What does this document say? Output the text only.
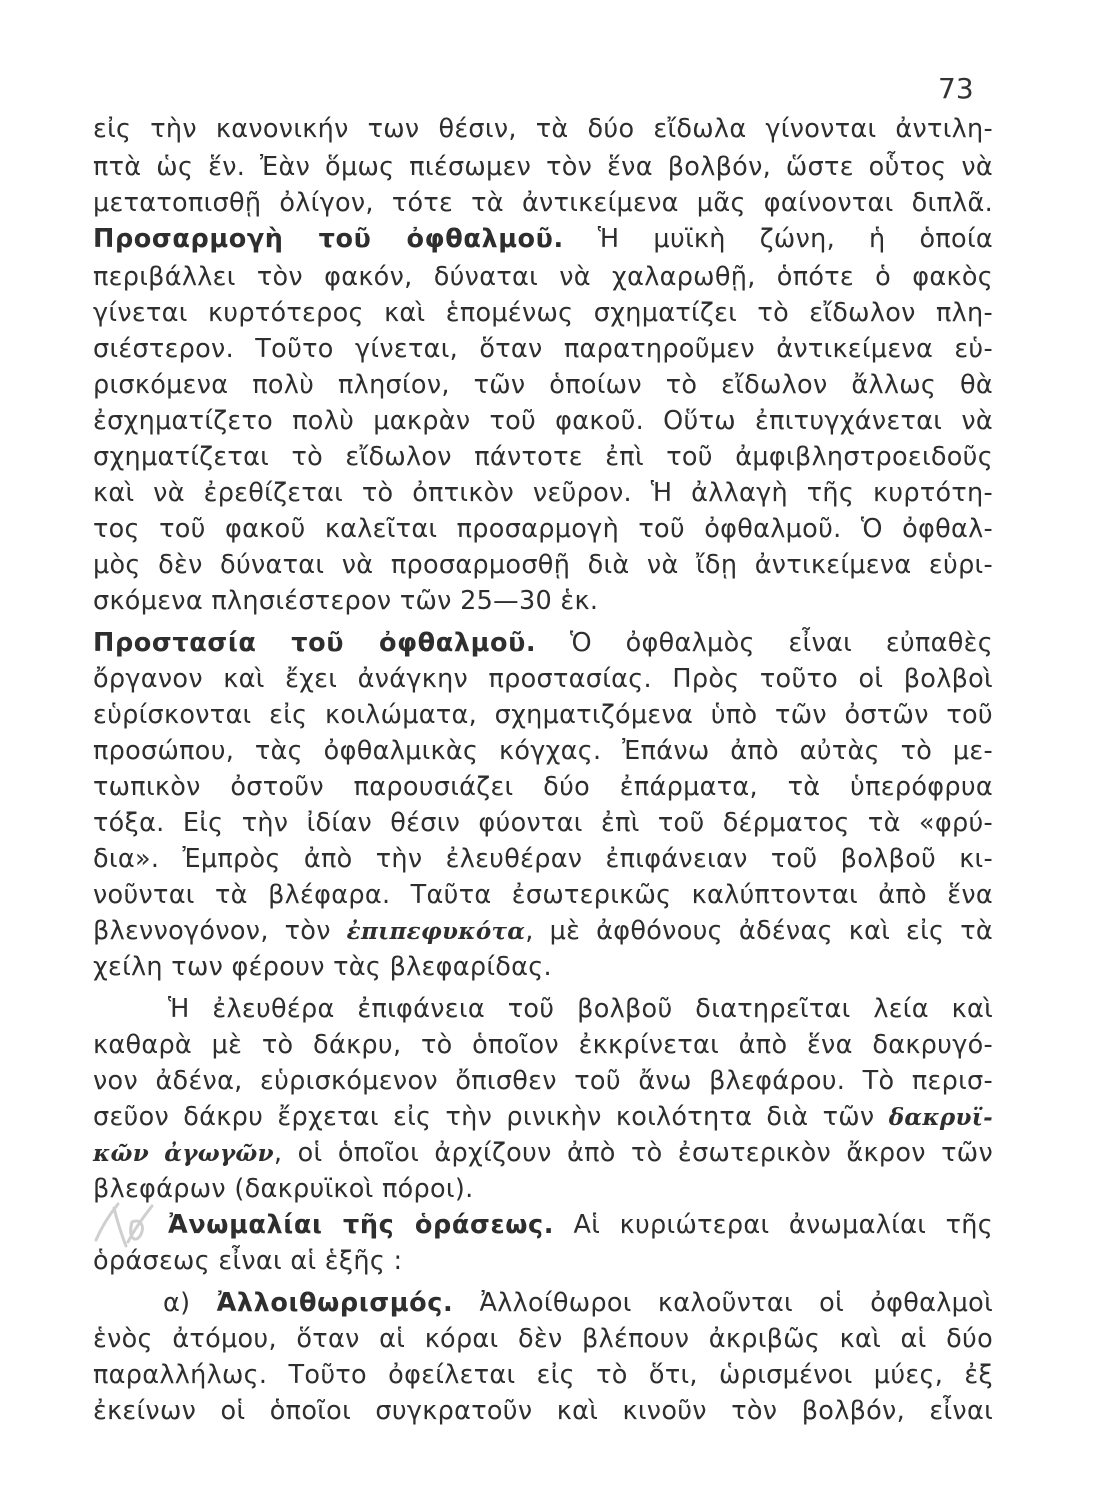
73
εἰς τὴν κανονικήν των θέσιν, τὰ δύο εἴδωλα γίνονται ἀντιλη-
πτὰ ὡς ἕν. Ἐὰν ὅμως πιέσωμεν τὸν ἕνα βολβόν, ὥστε οὗτος νὰ
μετατοπισθῇ ὀλίγον, τότε τὰ ἀντικείμενα μᾶς φαίνονται διπλᾶ.
Προσαρμογὴ τοῦ ὀφθαλμοῦ. Ἡ μυϊκὴ ζώνη, ἡ ὁποία
περιβάλλει τὸν φακόν, δύναται νὰ χαλαρωθῇ, ὁπότε ὁ φακὸς
γίνεται κυρτότερος καὶ ἑπομένως σχηματίζει τὸ εἴδωλον πλη-
σιέστερον. Τοῦτο γίνεται, ὅταν παρατηροῦμεν ἀντικείμενα εὑ-
ρισκόμενα πολὺ πλησίον, τῶν ὁποίων τὸ εἴδωλον ἄλλως θὰ
ἐσχηματίζετο πολὺ μακρὰν τοῦ φακοῦ. Οὕτω ἐπιτυγχάνεται νὰ
σχηματίζεται τὸ εἴδωλον πάντοτε ἐπὶ τοῦ ἀμφιβληστροειδοῦς
καὶ νὰ ἐρεθίζεται τὸ ὀπτικὸν νεῦρον. Ἡ ἀλλαγὴ τῆς κυρτότη-
τος τοῦ φακοῦ καλεῖται προσαρμογὴ τοῦ ὀφθαλμοῦ. Ὁ ὀφθαλ-
μὸς δὲν δύναται νὰ προσαρμοσθῇ διὰ νὰ ἴδῃ ἀντικείμενα εὑρι-
σκόμενα πλησιέστερον τῶν 25—30 ἑκ.
Προστασία τοῦ ὀφθαλμοῦ. Ὁ ὀφθαλμὸς εἶναι εὐπαθὲς
ὄργανον καὶ ἔχει ἀνάγκην προστασίας. Πρὸς τοῦτο οἱ βολβοὶ
εὑρίσκονται εἰς κοιλώματα, σχηματιζόμενα ὑπὸ τῶν ὀστῶν τοῦ
προσώπου, τὰς ὀφθαλμικὰς κόγχας. Ἐπάνω ἀπὸ αὐτὰς τὸ με-
τωπικὸν ὀστοῦν παρουσιάζει δύο ἐπάρματα, τὰ ὑπερόφρυα
τόξα. Εἰς τὴν ἰδίαν θέσιν φύονται ἐπὶ τοῦ δέρματος τὰ «φρύ-
δια». Ἐμπρὸς ἀπὸ τὴν ἐλευθέραν ἐπιφάνειαν τοῦ βολβοῦ κι-
νοῦνται τὰ βλέφαρα. Ταῦτα ἐσωτερικῶς καλύπτονται ἀπὸ ἕνα
βλεννογόνον, τὸν ἐπιπεφυκότα, μὲ ἀφθόνους ἀδένας καὶ εἰς τὰ
χείλη των φέρουν τὰς βλεφαρίδας.
Ἡ ἐλευθέρα ἐπιφάνεια τοῦ βολβοῦ διατηρεῖται λεία καὶ
καθαρὰ μὲ τὸ δάκρυ, τὸ ὁποῖον ἐκκρίνεται ἀπὸ ἕνα δακρυγό-
νον ἀδένα, εὑρισκόμενον ὄπισθεν τοῦ ἄνω βλεφάρου. Τὸ περισ-
σεῦον δάκρυ ἔρχεται εἰς τὴν ρινικὴν κοιλότητα διὰ τῶν δακρυϊ-
κῶν ἀγωγῶν, οἱ ὁποῖοι ἀρχίζουν ἀπὸ τὸ ἐσωτερικὸν ἄκρον τῶν
βλεφάρων (δακρυϊκοὶ πόροι).
Ἀνωμαλίαι τῆς ὁράσεως. Αἱ κυριώτεραι ἀνωμαλίαι τῆς
ὁράσεως εἶναι αἱ ἑξῆς :
α) Ἀλλοιθωρισμός. Ἀλλοίθωροι καλοῦνται οἱ ὀφθαλμοὶ
ἑνὸς ἀτόμου, ὅταν αἱ κόραι δὲν βλέπουν ἀκριβῶς καὶ αἱ δύο
παραλλήλως. Τοῦτο ὀφείλεται εἰς τὸ ὅτι, ὡρισμένοι μύες, ἐξ
ἐκείνων οἱ ὁποῖοι συγκρατοῦν καὶ κινοῦν τὸν βολβόν, εἶναι
